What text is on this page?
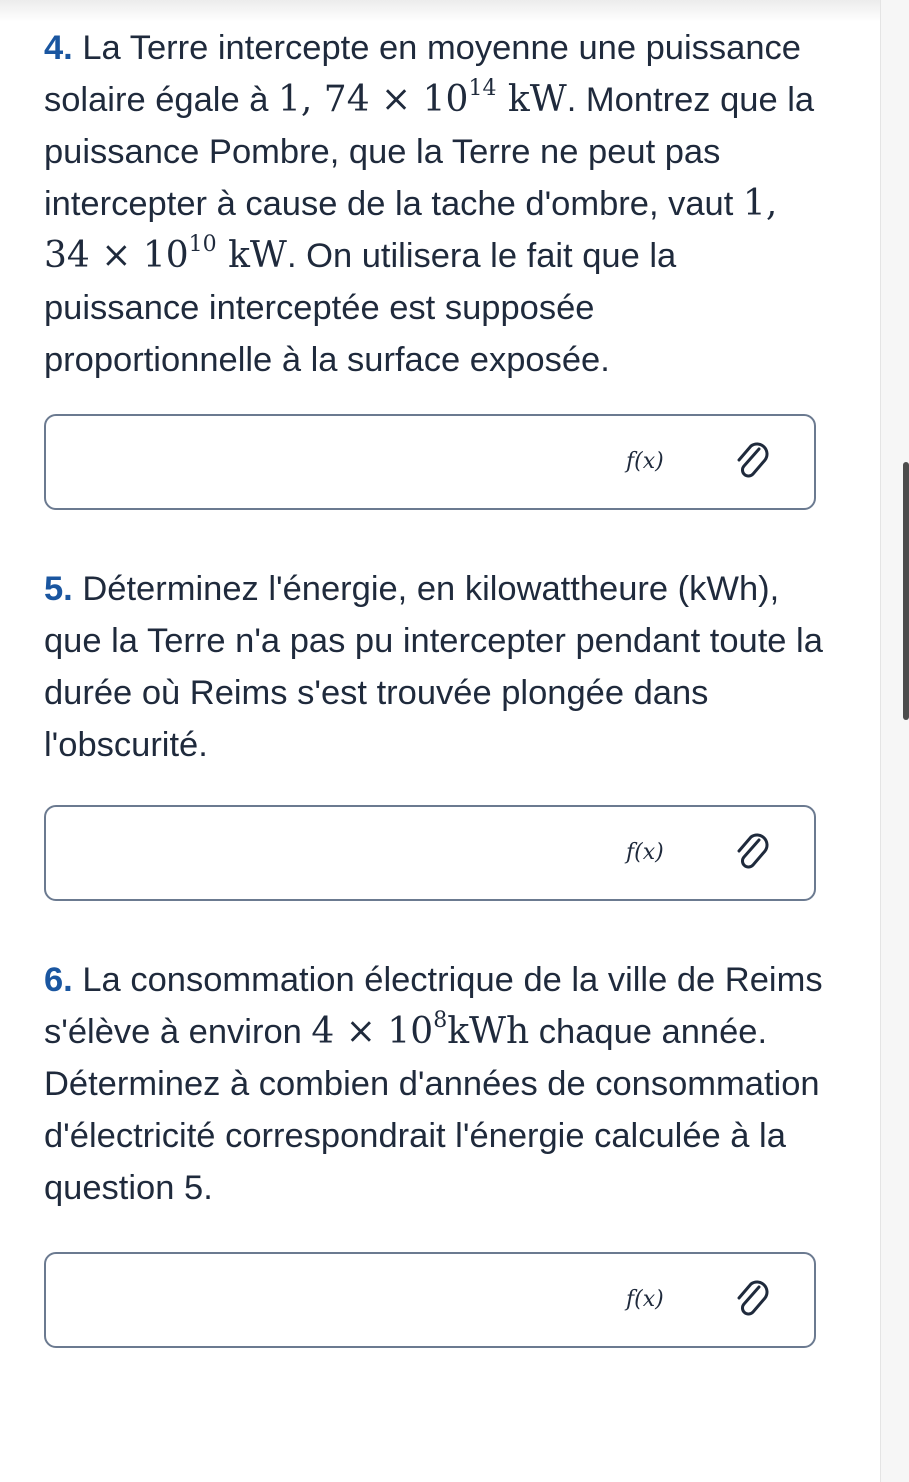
4. La Terre intercepte en moyenne une puissance solaire égale à 1, $74 \times 10^{14}$ kW. Montrez que la puissance Pombre, que la Terre ne peut pas intercepter à cause de la tache d'ombre, vaut 1, $34 \times 10^{10}$ kW. On utilisera le fait que la puissance interceptée est supposée proportionnelle à la surface exposée.

f(x)

5. Déterminez l'énergie, en kilowattheure (kWh), que la Terre n'a pas pu intercepter pendant toute la durée où Reims s'est trouvée plongée dans l'obscurité.

f(x)

6. La consommation électrique de la ville de Reims s'élève à environ $4 \times 10^8kWh$ chaque année. Déterminez à combien d'années de consommation d'électricité correspondrait l'énergie calculée à la question 5.

f(x)
